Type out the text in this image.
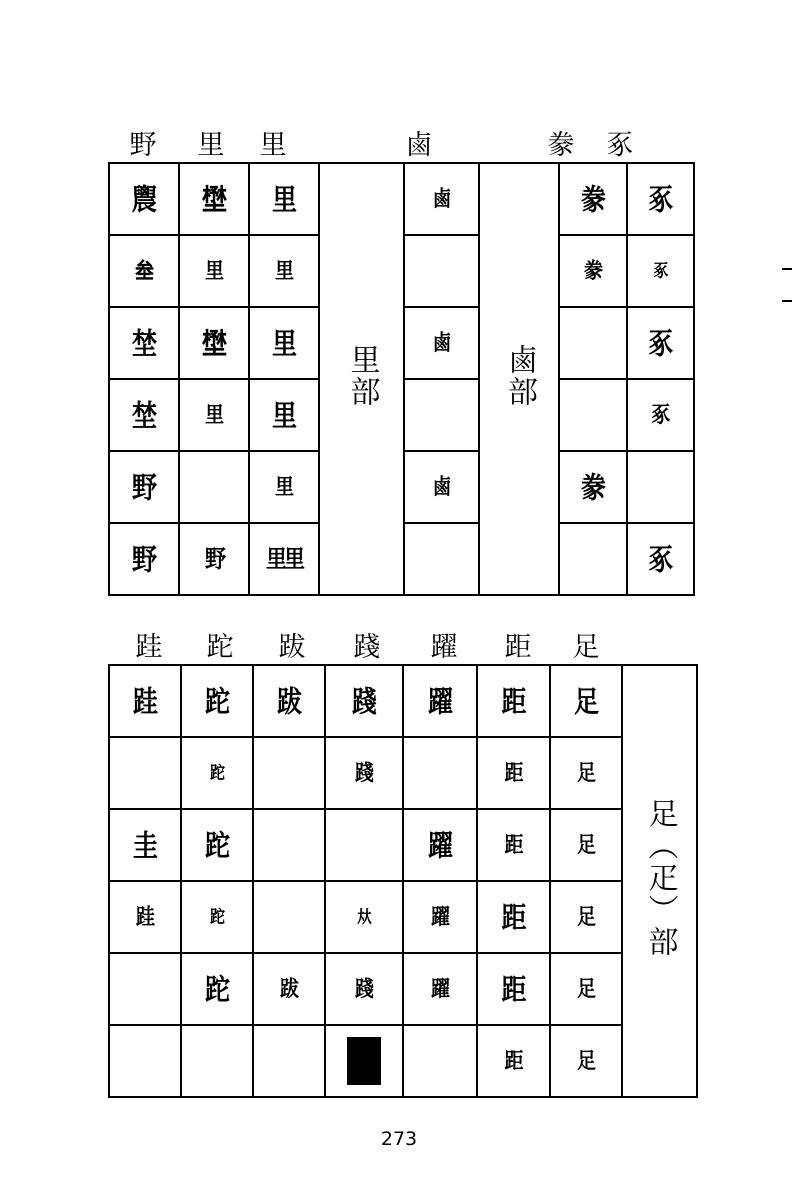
野	里	里	鹵	豢	豖
䢉	𡐨	里	里部	鹵	鹵部	豢	豖

𡊄	里	里				豢	豖

埜	𡐨	里		鹵			豖

埜	里	里					豖

野		里		鹵		豢	

野	野	里里					豖
跬	跎	跋	踐	躍	距	足
跬	跎	跋	踐	躍	距	足	足（疋）部

	跎		踐		距	足	

圭	跎			躍	距	足	

跬	跎		夶	躍	距	足	

	跎	跋	踐	躍	距	足	

					距	足	
273
